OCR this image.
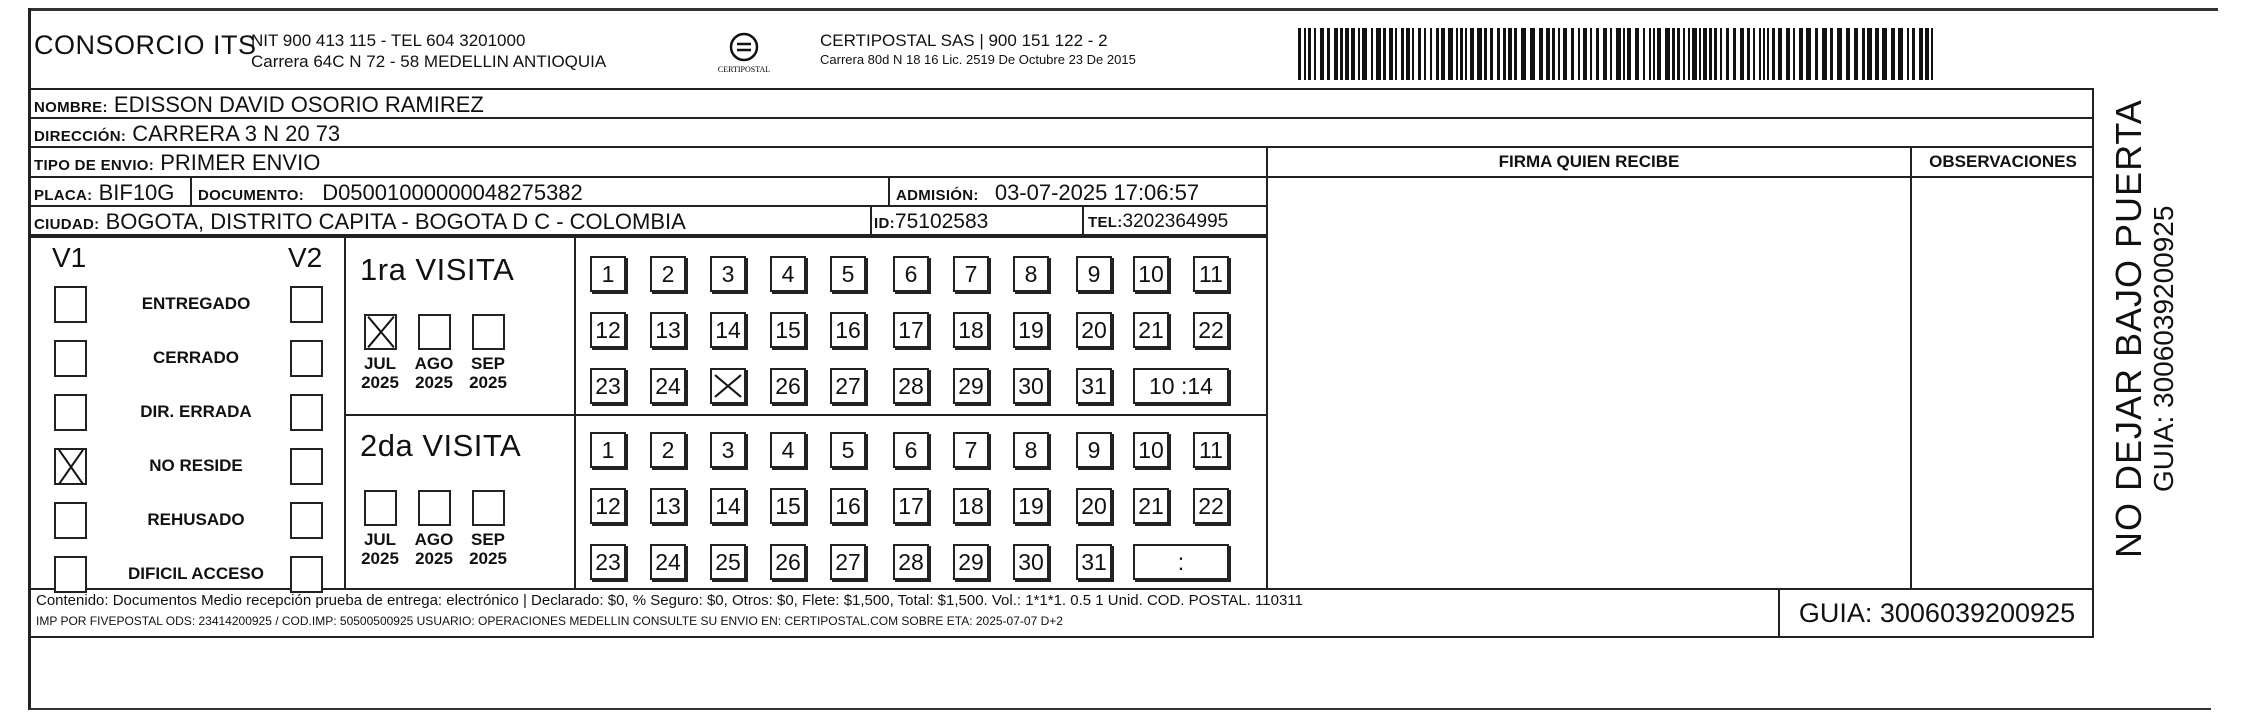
CONSORCIO ITS
NIT 900 413 115 - TEL 604 3201000
Carrera 64C N 72 - 58 MEDELLIN ANTIOQUIA	CERTIPOSTAL
CERTIPOSTAL SAS | 900 151 122 - 2
Carrera 80d N 18 16 Lic. 2519 De Octubre 23 De 2015
NOMBRE: EDISSON DAVID OSORIO RAMIREZ
DIRECCIÓN: CARRERA 3 N 20 73
TIPO DE ENVIO: PRIMER ENVIO
PLACA: BIF10G	DOCUMENTO: D05001000000048275382	ADMISIÓN: 03-07-2025 17:06:57
CIUDAD: BOGOTA, DISTRITO CAPITA - BOGOTA D C - COLOMBIA	ID:75102583	TEL:3202364995
FIRMA QUIEN RECIBE	OBSERVACIONES
V1	V2
ENTREGADO
CERRADO
DIR. ERRADA
NO RESIDE
REHUSADO
DIFICIL ACCESO
1ra VISITA
JUL
2025
AGO
2025
SEP
2025
1	2	3	4	5	6	7	8	9	10 11
12 13 14 15 16 17 18 19 20 21 22
23 24	26 27 28 29 30 31	10 :14
2da VISITA
JUL
2025
AGO
2025
SEP
2025
1	2	3	4	5	6	7	8	9	10 11
12 13 14 15 16 17 18 19 20 21 22
23 24 25 26 27 28 29 30 31	:
Contenido: Documentos Medio recepción prueba de entrega: electrónico | Declarado: $0, % Seguro: $0, Otros: $0, Flete: $1,500, Total: $1,500. Vol.: 1*1*1. 0.5 1 Unid. COD. POSTAL. 110311
IMP POR FIVEPOSTAL ODS: 23414200925 / COD.IMP: 50500500925 USUARIO: OPERACIONES MEDELLIN CONSULTE SU ENVIO EN: CERTIPOSTAL.COM SOBRE ETA: 2025-07-07 D+2	GUIA: 3006039200925
NO DEJAR BAJO PUERTA GUIA: 3006039200925
